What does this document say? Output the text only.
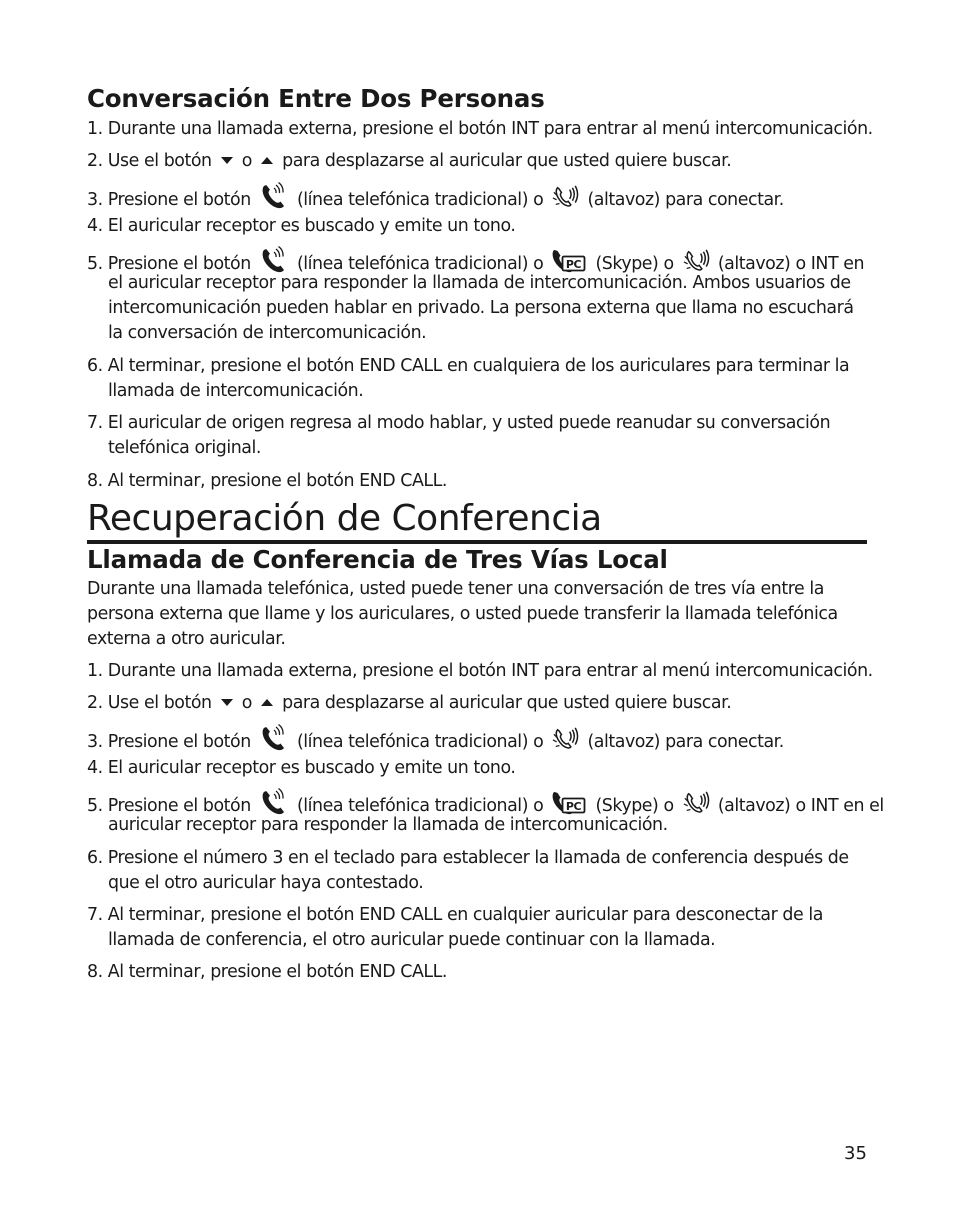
Conversación Entre Dos Personas
1. Durante una llamada externa, presione el botón INT para entrar al menú intercomunicación.
2. Use el botón o para desplazarse al auricular que usted quiere buscar.
3. Presione el botón	(línea telefónica tradicional) o	(altavoz) para conectar.
4. El auricular receptor es buscado y emite un tono.
5. Presione el botón	(línea telefónica tradicional) o	(Skype) o	(altavoz) o INT en
el auricular receptor para responder la llamada de intercomunicación. Ambos usuarios de
intercomunicación pueden hablar en privado. La persona externa que llama no escuchará
la conversación de intercomunicación.
6. Al terminar, presione el botón END CALL en cualquiera de los auriculares para terminar la
llamada de intercomunicación.
7. El auricular de origen regresa al modo hablar, y usted puede reanudar su conversación
telefónica original.
8. Al terminar, presione el botón END CALL.
Recuperación de Conferencia
Llamada de Conferencia de Tres Vías Local
Durante una llamada telefónica, usted puede tener una conversación de tres vía entre la
persona externa que llame y los auriculares, o usted puede transferir la llamada telefónica
externa a otro auricular.
1. Durante una llamada externa, presione el botón INT para entrar al menú intercomunicación.
2. Use el botón o para desplazarse al auricular que usted quiere buscar.
3. Presione el botón	(línea telefónica tradicional) o	(altavoz) para conectar.
4. El auricular receptor es buscado y emite un tono.
5. Presione el botón	(línea telefónica tradicional) o	(Skype) o	(altavoz) o INT en el
auricular receptor para responder la llamada de intercomunicación.
6. Presione el número 3 en el teclado para establecer la llamada de conferencia después de
que el otro auricular haya contestado.
7. Al terminar, presione el botón END CALL en cualquier auricular para desconectar de la
llamada de conferencia, el otro auricular puede continuar con la llamada.
8. Al terminar, presione el botón END CALL.
35
